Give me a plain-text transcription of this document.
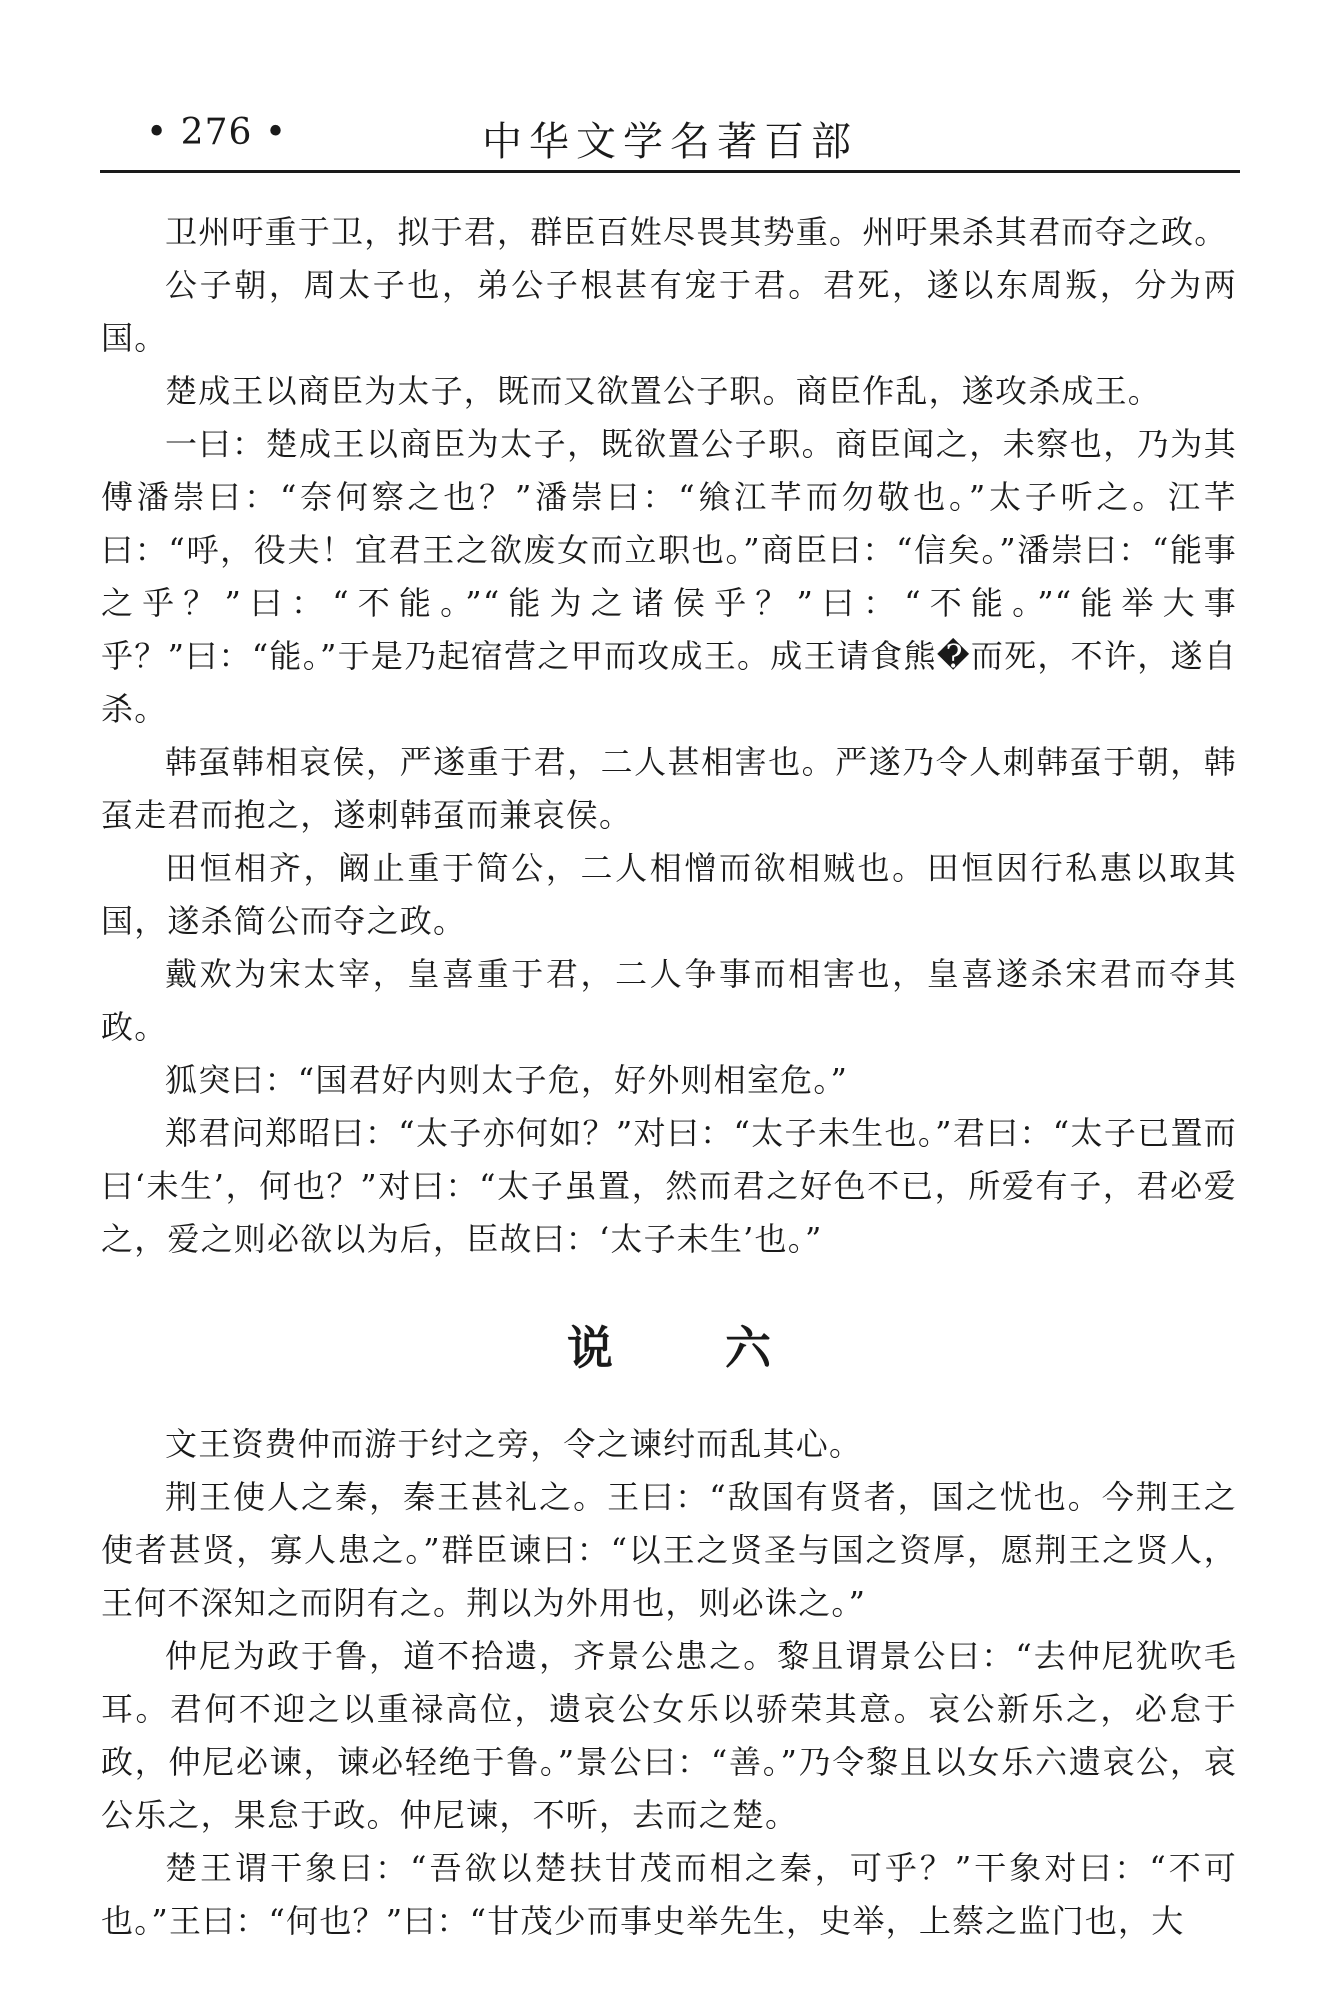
• 276 •	中华文学名著百部

卫州吁重于卫，拟于君，群臣百姓尽畏其势重。州吁果杀其君而夺之政。

公子朝，周太子也，弟公子根甚有宠于君。君死，遂以东周叛，分为两国。

楚成王以商臣为太子，既而又欲置公子职。商臣作乱，遂攻杀成王。

一曰：楚成王以商臣为太子，既欲置公子职。商臣闻之，未察也，乃为其傅潘崇曰：“奈何察之也？”潘崇曰：“飨江芊而勿敬也。”太子听之。江芊曰：“呼，役夫！宜君王之欲废女而立职也。”商臣曰：“信矣。”潘崇曰：“能事之乎？”曰：“不能。”“能为之诸侯乎？”曰：“不能。”“能举大事乎？”曰：“能。”于是乃起宿营之甲而攻成王。成王请食熊�而死，不许，遂自杀。

韩虿韩相哀侯，严遂重于君，二人甚相害也。严遂乃令人刺韩虿于朝，韩虿走君而抱之，遂刺韩虿而兼哀侯。

田恒相齐，阚止重于简公，二人相憎而欲相贼也。田恒因行私惠以取其国，遂杀简公而夺之政。

戴欢为宋太宰，皇喜重于君，二人争事而相害也，皇喜遂杀宋君而夺其政。

狐突曰：“国君好内则太子危，好外则相室危。”

郑君问郑昭曰：“太子亦何如？”对曰：“太子未生也。”君曰：“太子已置而曰‘未生’，何也？”对曰：“太子虽置，然而君之好色不已，所爱有子，君必爱之，爱之则必欲以为后，臣故曰：‘太子未生’也。”

说 六

文王资费仲而游于纣之旁，令之谏纣而乱其心。

荆王使人之秦，秦王甚礼之。王曰：“敌国有贤者，国之忧也。今荆王之使者甚贤，寡人患之。”群臣谏曰：“以王之贤圣与国之资厚，愿荆王之贤人，王何不深知之而阴有之。荆以为外用也，则必诛之。”

仲尼为政于鲁，道不拾遗，齐景公患之。黎且谓景公曰：“去仲尼犹吹毛耳。君何不迎之以重禄高位，遗哀公女乐以骄荣其意。哀公新乐之，必怠于政，仲尼必谏，谏必轻绝于鲁。”景公曰：“善。”乃令黎且以女乐六遗哀公，哀公乐之，果怠于政。仲尼谏，不听，去而之楚。

楚王谓干象曰：“吾欲以楚扶甘茂而相之秦，可乎？”干象对曰：“不可也。”王曰：“何也？”曰：“甘茂少而事史举先生，史举，上蔡之监门也，大
